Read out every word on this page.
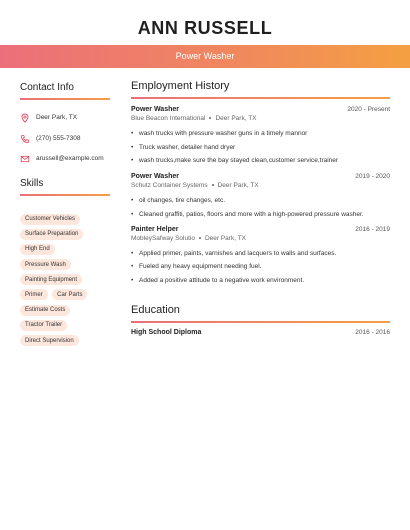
ANN RUSSELL
Power Washer
Contact Info
Deer Park, TX
(270) 555-7308
arussell@example.com
Skills
Customer Vehicles
Surface Preparation
High End
Pressure Wash
Painting Equipment
Primer Car Parts
Estimate Costs
Tractor Trailer
Direct Supervision
Employment History
Power Washer	2020 - Present
Blue Beacon International Deer Park, TX
• wash trucks with pressure washer guns in a timely mannor
• Truck washer, detailer hand dryer
• wash trucks,make sure the bay stayed clean,customer service,trainer
Power Washer	2019 - 2020
Schutz Container Systems Deer Park, TX
• oil changes, tire changes, etc.
• Cleaned graffiti, patios, floors and more with a high-powered pressure washer.
Painter Helper	2016 - 2019
MobleySafway Solutio Deer Park, TX
• Applied primer, paints, varnishes and lacquers to walls and surfaces.
• Fueled any heavy equipment needing fuel.
• Added a positive attitude to a negative work environment.
Education
High School Diploma	2016 - 2016
